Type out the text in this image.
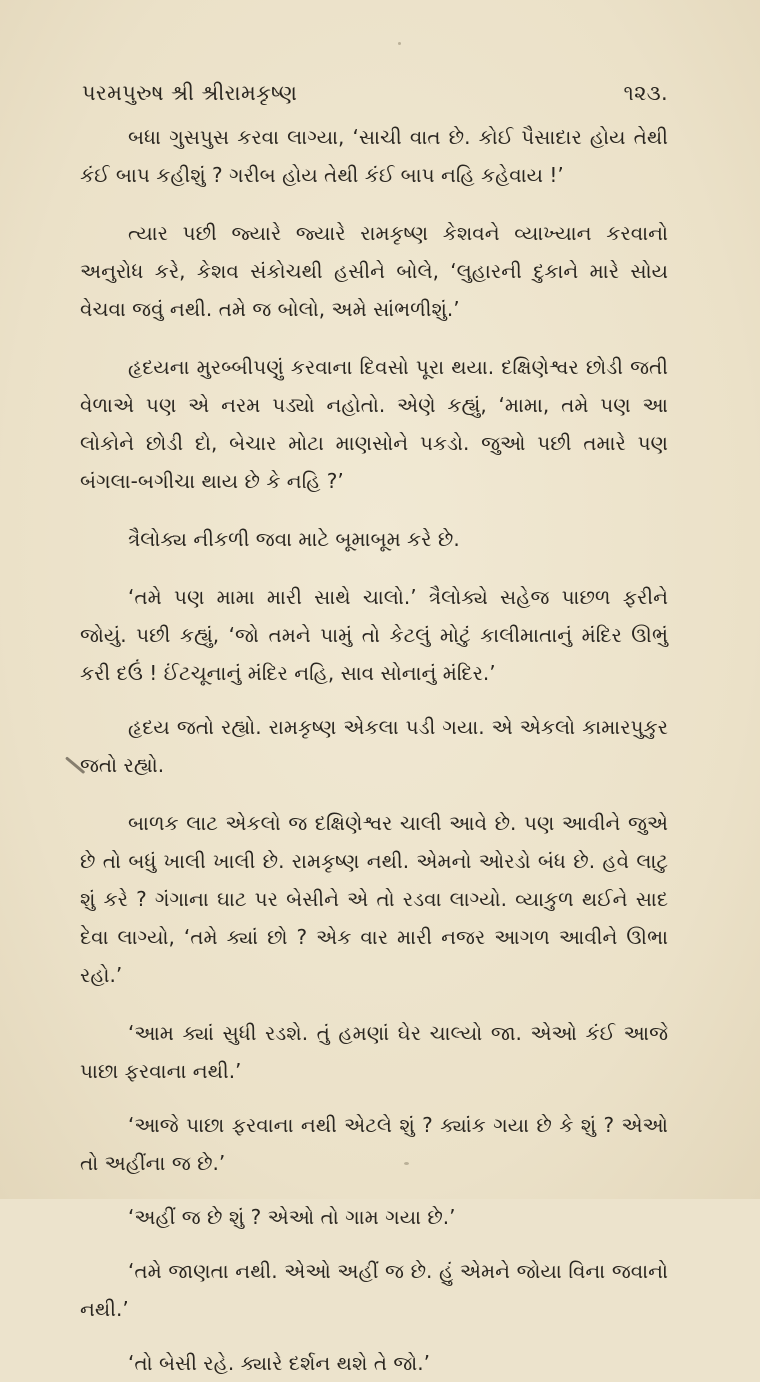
પરમપુરુષ શ્રી શ્રીરામકૃષ્ણ	૧૨૩.

બધા ગુસપુસ કરવા લાગ્યા, ‘સાચી વાત છે. કોઈ પૈસાદાર હોય તેથી કંઈ બાપ કહીશું ? ગરીબ હોય તેથી કંઈ બાપ નહિ કહેવાય !’

ત્યાર પછી જ્યારે જ્યારે રામકૃષ્ણ કેશવને વ્યાખ્યાન કરવાનો અનુરોધ કરે, કેશવ સંકોચથી હસીને બોલે, ‘લુહારની દુકાને મારે સોય વેચવા જવું નથી. તમે જ બોલો, અમે સાંભળીશું.’

હૃદયના મુરબ્બીપણું કરવાના દિવસો પૂરા થયા. દક્ષિણેશ્વર છોડી જતી વેળાએ પણ એ નરમ પડ્યો નહોતો. એણે કહ્યું, ‘મામા, તમે પણ આ લોકોને છોડી દો, બેચાર મોટા માણસોને પકડો. જુઓ પછી તમારે પણ બંગલા-બગીચા થાય છે કે નહિ ?’

ત્રૈલોક્ય નીકળી જવા માટે બૂમાબૂમ કરે છે.

‘તમે પણ મામા મારી સાથે ચાલો.’ ત્રૈલોક્યે સહેજ પાછળ ફરીને જોયું. પછી કહ્યું, ‘જો તમને પામું તો કેટલું મોટું કાલીમાતાનું મંદિર ઊભું કરી દઉં ! ઈંટચૂનાનું મંદિર નહિ, સાવ સોનાનું મંદિર.’

હૃદય જતો રહ્યો. રામકૃષ્ણ એકલા પડી ગયા. એ એકલો કામારપુકુર જતો રહ્યો.

બાળક લાટ એકલો જ દક્ષિણેશ્વર ચાલી આવે છે. પણ આવીને જુએ છે તો બધું ખાલી ખાલી છે. રામકૃષ્ણ નથી. એમનો ઓરડો બંધ છે. હવે લાટુ શું કરે ? ગંગાના ઘાટ પર બેસીને એ તો રડવા લાગ્યો. વ્યાકુળ થઈને સાદ દેવા લાગ્યો, ‘તમે ક્યાં છો ? એક વાર મારી નજર આગળ આવીને ઊભા રહો.’

‘આમ ક્યાં સુધી રડશે. તું હમણાં ઘેર ચાલ્યો જા. એઓ કંઈ આજે પાછા ફરવાના નથી.’

‘આજે પાછા ફરવાના નથી એટલે શું ? ક્યાંક ગયા છે કે શું ? એઓ તો અહીંના જ છે.’

‘અહીં જ છે શું ? એઓ તો ગામ ગયા છે.’

‘તમે જાણતા નથી. એઓ અહીં જ છે. હું એમને જોયા વિના જવાનો નથી.’

‘તો બેસી રહે. ક્યારે દર્શન થશે તે જો.’
